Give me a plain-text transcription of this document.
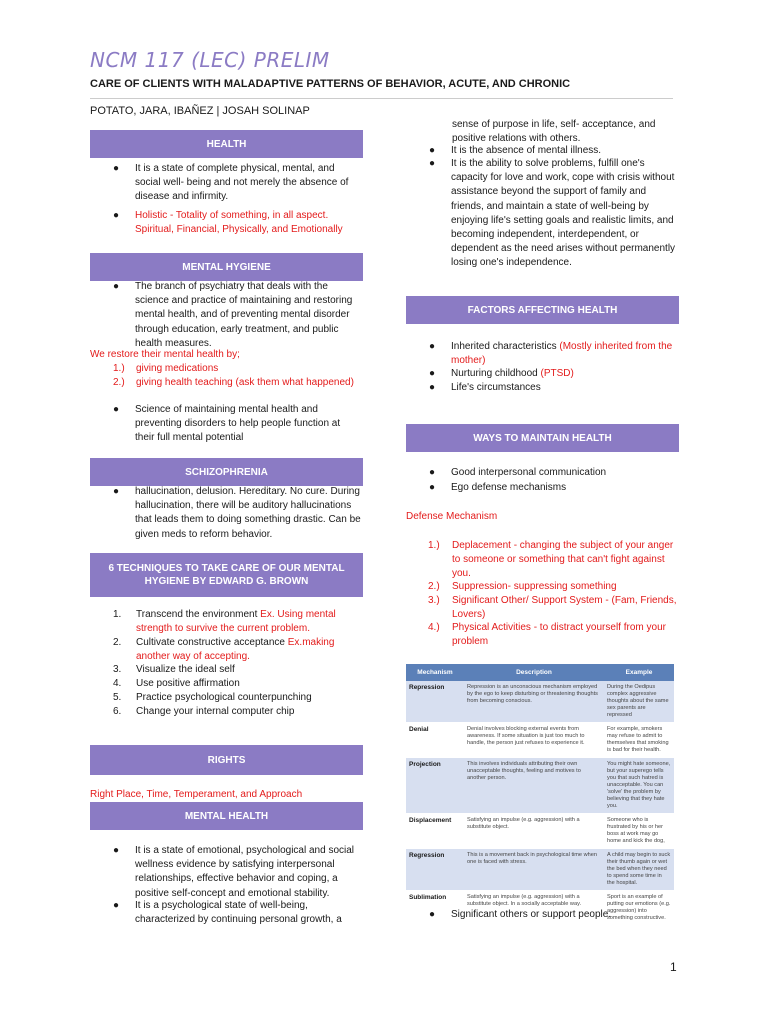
NCM 117 (LEC) PRELIM
CARE OF CLIENTS WITH MALADAPTIVE PATTERNS OF BEHAVIOR, ACUTE, AND CHRONIC
POTATO, JARA, IBAÑEZ | JOSAH SOLINAP
HEALTH
● It is a state of complete physical, mental, and social well- being and not merely the absence of disease and infirmity.
● Holistic - Totality of something, in all aspect. Spiritual, Financial, Physically, and Emotionally
MENTAL HYGIENE
● The branch of psychiatry that deals with the science and practice of maintaining and restoring mental health, and of preventing mental disorder through education, early treatment, and public health measures.
We restore their mental health by;
1.) giving medications
2.) giving health teaching (ask them what happened)
● Science of maintaining mental health and preventing disorders to help people function at their full mental potential
SCHIZOPHRENIA
● hallucination, delusion. Hereditary. No cure. During hallucination, there will be auditory hallucinations that leads them to doing something drastic. Can be given meds to reform behavior.
6 TECHNIQUES TO TAKE CARE OF OUR MENTAL HYGIENE BY EDWARD G. BROWN
1. Transcend the environment Ex. Using mental strength to survive the current problem.
2. Cultivate constructive acceptance Ex.making another way of accepting.
3. Visualize the ideal self
4. Use positive affirmation
5. Practice psychological counterpunching
6. Change your internal computer chip
RIGHTS
Right Place, Time, Temperament, and Approach
MENTAL HEALTH
● It is a state of emotional, psychological and social wellness evidence by satisfying interpersonal relationships, effective behavior and coping, a positive self-concept and emotional stability.
● It is a psychological state of well-being, characterized by continuing personal growth, a
sense of purpose in life, self- acceptance, and positive relations with others.
● It is the absence of mental illness.
● It is the ability to solve problems, fulfill one's capacity for love and work, cope with crisis without assistance beyond the support of family and friends, and maintain a state of well-being by enjoying life's setting goals and realistic limits, and becoming independent, interdependent, or dependent as the need arises without permanently losing one's independence.
FACTORS AFFECTING HEALTH
● Inherited characteristics (Mostly inherited from the mother)
● Nurturing childhood (PTSD)
● Life's circumstances
WAYS TO MAINTAIN HEALTH
● Good interpersonal communication
● Ego defense mechanisms
Defense Mechanism
1.) Deplacement - changing the subject of your anger to someone or something that can't fight against you.
2.) Suppression- suppressing something
3.) Significant Other/ Support System - (Fam, Friends, Lovers)
4.) Physical Activities - to distract yourself from your problem
Mechanism	Description	Example
Repression	Repression is an unconscious mechanism employed by the ego to keep disturbing or threatening thoughts from becoming conscious.	During the Oedipus complex aggressive thoughts about the same sex parents are repressed
Denial	Denial involves blocking external events from awareness. If some situation is just too much to handle, the person just refuses to experience it.	For example, smokers may refuse to admit to themselves that smoking is bad for their health.
Projection	This involves individuals attributing their own unacceptable thoughts, feeling and motives to another person.	You might hate someone, but your superego tells you that such hatred is unacceptable. You can 'solve' the problem by believing that they hate you.
Displacement	Satisfying an impulse (e.g. aggression) with a substitute object.	Someone who is frustrated by his or her boss at work may go home and kick the dog,
Regression	This is a movement back in psychological time when one is faced with stress.	A child may begin to suck their thumb again or wet the bed when they need to spend some time in the hospital.
Sublimation	Satisfying an impulse (e.g. aggression) with a substitute object. In a socially acceptable way.	Sport is an example of putting our emotions (e.g. aggression) into something constructive.
● Significant others or support people.
1
